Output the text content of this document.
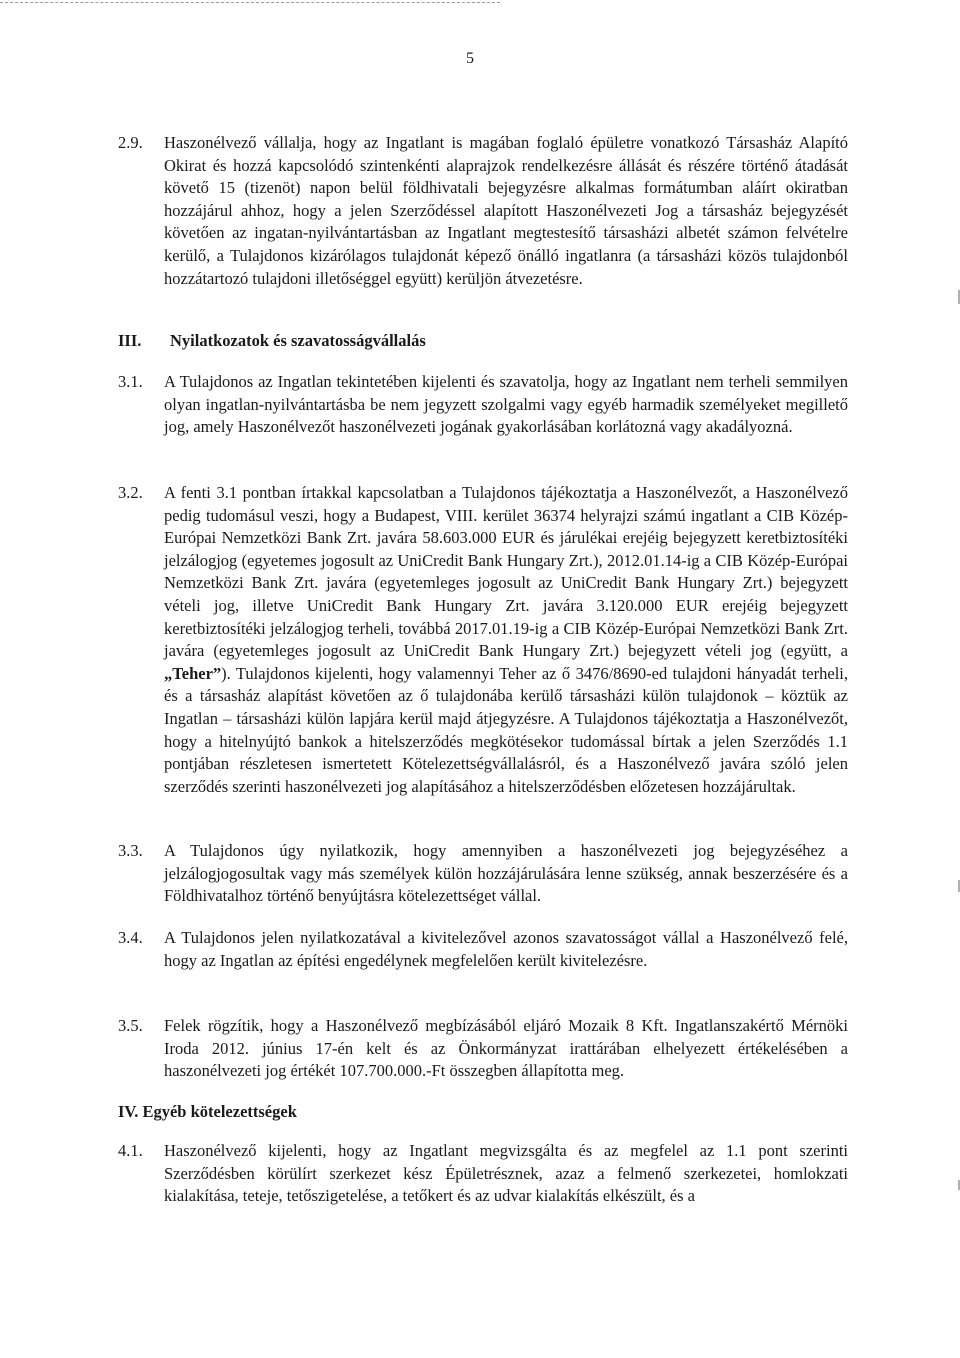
5
2.9. Haszonélvező vállalja, hogy az Ingatlant is magában foglaló épületre vonatkozó Társasház Alapító Okirat és hozzá kapcsolódó szintenkénti alaprajzok rendelkezésre állását és részére történő átadását követő 15 (tizenöt) napon belül földhivatali bejegyzésre alkalmas formátumban aláírt okiratban hozzájárul ahhoz, hogy a jelen Szerződéssel alapított Haszonélvezeti Jog a társasház bejegyzését követően az ingatan-nyilvántartásban az Ingatlant megtestesítő társasházi albetét számon felvételre kerülő, a Tulajdonos kizárólagos tulajdonát képező önálló ingatlanra (a társasházi közös tulajdonból hozzátartozó tulajdoni illetőséggel együtt) kerüljön átvezetésre.
III. Nyilatkozatok és szavatosságvállalás
3.1. A Tulajdonos az Ingatlan tekintetében kijelenti és szavatolja, hogy az Ingatlant nem terheli semmilyen olyan ingatlan-nyilvántartásba be nem jegyzett szolgalmi vagy egyéb harmadik személyeket megillető jog, amely Haszonélvezőt haszonélvezeti jogának gyakorlásában korlátozná vagy akadályozná.
3.2. A fenti 3.1 pontban írtakkal kapcsolatban a Tulajdonos tájékoztatja a Haszonélvezőt, a Haszonélvező pedig tudomásul veszi, hogy a Budapest, VIII. kerület 36374 helyrajzi számú ingatlant a CIB Közép-Európai Nemzetközi Bank Zrt. javára 58.603.000 EUR és járulékai erejéig bejegyzett keretbiztosítéki jelzálogjog (egyetemes jogosult az UniCredit Bank Hungary Zrt.), 2012.01.14-ig a CIB Közép-Európai Nemzetközi Bank Zrt. javára (egyetemleges jogosult az UniCredit Bank Hungary Zrt.) bejegyzett vételi jog, illetve UniCredit Bank Hungary Zrt. javára 3.120.000 EUR erejéig bejegyzett keretbiztosítéki jelzálogjog terheli, továbbá 2017.01.19-ig a CIB Közép-Európai Nemzetközi Bank Zrt. javára (egyetemleges jogosult az UniCredit Bank Hungary Zrt.) bejegyzett vételi jog (együtt, a „Teher”). Tulajdonos kijelenti, hogy valamennyi Teher az ő 3476/8690-ed tulajdoni hányadát terheli, és a társasház alapítást követően az ő tulajdonába kerülő társasházi külön tulajdonok – köztük az Ingatlan – társasházi külön lapjára kerül majd átjegyzésre. A Tulajdonos tájékoztatja a Haszonélvezőt, hogy a hitelnyújtó bankok a hitelszerződés megkötésekor tudomással bírtak a jelen Szerződés 1.1 pontjában részletesen ismertetett Kötelezettségvállalásról, és a Haszonélvező javára szóló jelen szerződés szerinti haszonélvezeti jog alapításához a hitelszerződésben előzetesen hozzájárultak.
3.3. A Tulajdonos úgy nyilatkozik, hogy amennyiben a haszonélvezeti jog bejegyzéséhez a jelzálogjogosultak vagy más személyek külön hozzájárulására lenne szükség, annak beszerzésére és a Földhivatalhoz történő benyújtásra kötelezettséget vállal.
3.4. A Tulajdonos jelen nyilatkozatával a kivitelezővel azonos szavatosságot vállal a Haszonélvező felé, hogy az Ingatlan az építési engedélynek megfelelően került kivitelezésre.
3.5. Felek rögzítik, hogy a Haszonélvező megbízásából eljáró Mozaik 8 Kft. Ingatlanszakértő Mérnöki Iroda 2012. június 17-én kelt és az Önkormányzat irattárában elhelyezett értékelésében a haszonélvezeti jog értékét 107.700.000.-Ft összegben állapította meg.
IV. Egyéb kötelezettségek
4.1. Haszonélvező kijelenti, hogy az Ingatlant megvizsgálta és az megfelel az 1.1 pont szerinti Szerződésben körülírt szerkezet kész Épületrésznek, azaz a felmenő szerkezetei, homlokzati kialakítása, teteje, tetőszigetelése, a tetőkert és az udvar kialakítás elkészült, és a
